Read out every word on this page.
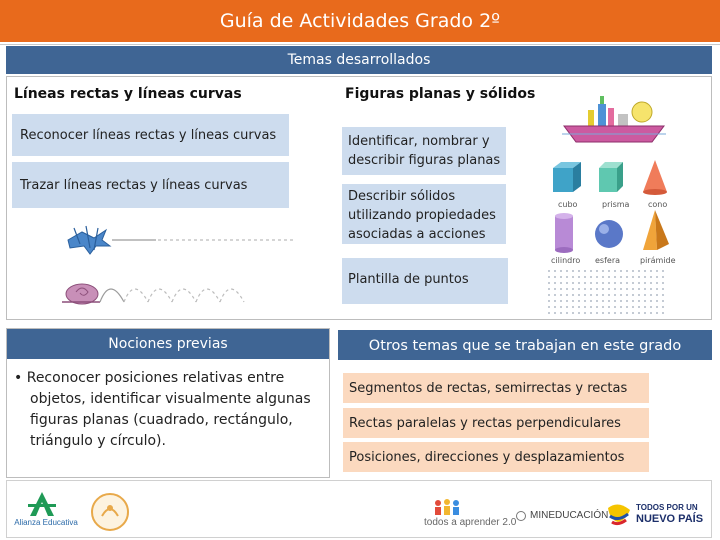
Guía de Actividades Grado 2º
Temas desarrollados
Líneas rectas y líneas curvas
Reconocer líneas rectas y líneas curvas
Trazar líneas rectas y líneas curvas
Figuras planas y sólidos
Identificar, nombrar y describir figuras planas
Describir sólidos utilizando propiedades asociadas a acciones
Plantilla de puntos
cubo	prisma cono
cilindro esfera pirámide
Nociones previas
• Reconocer posiciones relativas entre objetos, identificar visualmente algunas figuras planas (cuadrado, rectángulo, triángulo y círculo).
Otros temas que se trabajan en este grado
Segmentos de rectas, semirrectas y rectas
Rectas paralelas y rectas perpendiculares
Posiciones, direcciones y desplazamientos
Alianza Educativa	todos a aprender 2.0
MINEDUCACIÓN
TODOS POR UN
NUEVO PAÍS
